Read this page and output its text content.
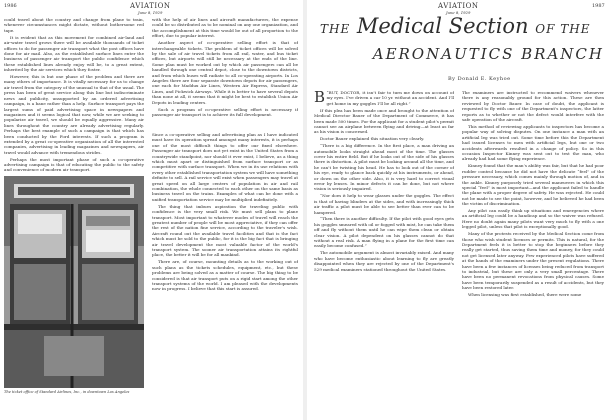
1986	AVIATION
June 8, 1929

could travel about the country and change from plane to train, whenever circumstances might dictate, without bothersome red tape.

It is evident that as this movement for combined air-land and air-water travel grows there will be available thousands of ticket offices to do for passenger air transport what the post offices have done for air mail. Also, as the established surface lines enter the business of passenger air transport the public confidence which these established lines already enjoy will be, to a great extent, inherited by the air services which they foster.

However, this is but one phase of the problem and there are many others of importance. It is vitally necessary for us to change air travel from the category of the unusual to that of the usual. The press has been of great service along this line but indiscriminate news and publicity, unsupported by an ordered advertising campaign, is a bane rather than a help. Surface transport pays the largest sums of paid advertising space in newspapers and magazines and it seems logical that now, while we are seeking to popularize air travel, we should be equally aggressive. Many air lines throughout the country are already advertising regularly. Perhaps the best example of such a campaign is that which has been conducted by the Ford interests. If such a program is extended by a great co-operative organization of all the interested companies, advertising in leading magazines and newspapers, air travel would advance with tremendous strides.

Perhaps the most important phase of such a co-operative advertising campaign is that of educating the public to the safety and convenience of modern air transport.

The ticket office of Standard Airlines, Inc., in downtown Los Angeles

with the help of air lines and aircraft manufacturers, the expense could be so distributed as to be nominal on any one organization, and the accomplishment at this time would be out of all proportion to the effort, due to popular interest.

Another aspect of co-operative selling effort is that of interchangeable tickets. The problem of ticket offices will be solved by the sale of air travel tickets from all rail, water, and bus ticket offices, but airports will still be necessary at the ends of the line. Some plan must be worked out by which air passengers can all be handled through one central depot, close to the downtown districts, and from which buses will radiate to all co-operating airports. In Los Angeles there are four separate downtown depots for air passengers, one each for Maddux Air Lines, Western Air Express, Standard Air Lines, and Pickwick Airways. While it is better to have several depots than none at all, it seems that it might be best to establish Union Air Depots in leading centers.

Such a program of co-operative selling effort is necessary if passenger air transport is to achieve its full development.

Since a co-operative selling and advertising plan as I have indicated must have its operation spread amongst many interests, it is perhaps one of the most difficult things to offer our fixed elsewhere. Passenger air transport does not yet exist in the United States from a countrywide standpoint, nor should it ever exist, I believe, as a thing which must apart or distinguished from surface transport or as competitive with surface transport. When we in its use relations with every other established transportation system we will have something definite to sell. A rail service will exist when passengers may travel at great speed on all large centers of population in air and rail combination, the whole connected to each other on the same basis as business travel on the trains. Examples of what can be done with a unified transportation service may be multiplied indefinitely.

The thing that imbues aspiration the traveling public with confidence is the very small risk. We must sell plans to plane transport. Most important to whatever modes of travel will reach the greatest number of people will be most appreciative, if they can offer the rest of the nation fine service, according to the traveler's wish. Aircraft round out the available travel facilities and that is the fact which must be sold to the public, for it is the big fact that is bringing air travel development the most valuable factor of the world's transport system. The sooner air transportation attains its rightful place, the better it will be for all mankind.

There are, of course, mounting details as to the working out of such plans as the tickets schedules, equipment, etc., but these problems are being solved as a matter of course. The big thing to be considered is that air transport puts on a rigid start among the other transport systems of the world. I am pleased with the developments now in progress. I believe that this start is assured.

AVIATION
June 8, 1929
1987
THE Medical Section OF THE
AERONAUTICS BRANCH
By Donald E. Keyhoe

B “BUT, DOCTOR, it isn’t fair to turn me down on account of my eyes. I’ve driven a car 10 yr. without an accident. And I’ll get home in my goggles I’ll be all right.”

If this plea has been made once and brought to the attention of Medical Director Bauer of the Department of Commerce, it has been made 500 times. For the applicant for a student pilot’s permit cannot see an airplane between flying and driving—at least as far as his vision is concerned.

Doctor Bauer explained this situation very clearly.

“There is a big difference. In the first place, a man driving an automobile looks straight ahead most of the time. The glasses cover his entire field. But if he looks out of the side of his glasses there is distortion. A pilot must be looking around all the time, and he can’t be twisting his head. He has to look out of the corner of his eye, ready to glance back quickly at his instruments, or ahead, or down on the other side. Also, it is very hard to correct visual error by lenses. In minor defects it can be done, but not where vision is seriously impaired.

“Nor does it help to wear glasses under the goggles. The effect is that of having blinders at the sides, and with increasingly thick air traffic a pilot must be able to see better than ever can to be hampered.

“Then there is another difficulty. If the pilot with good eyes gets his goggles smeared with oil or fogged with mist, he can take them off and fly without them until he can wipe them clean or obtain clear vision. A pilot dependent on his glasses cannot do that without a real risk. A man flying in a plane for the first time can easily become confused.”

The automobile argument is almost invariably raised. And many who have become enthusiastic about learning to fly are greatly disappointed when they are rejected by one of the Department’s 529 medical examiners stationed throughout the United States.

The examiners are instructed to recommend waivers whenever there is any reasonably ground for this action. These are then reviewed by Doctor Bauer. In case of doubt, the applicant is requested to fly with one of the Department’s inspectors, the latter reports as to whether or not the defect would interfere with the safe operation of the aircraft.

This method of reviewing applicants to inspectors has become a popular way of solving disputes. On one instance a man with an artificial leg was tried out. Some time before this the Department had issued licenses to men with artificial legs, but one or two accidents afterwards resulted in a change of policy. So in this occasion Inspector Kinney was sent out to test the man, who already had had some flying experience.

Kinney found that the man’s ability was fair, but that he had poor rudder control because he did not have the delicate “feel” of the pressure necessary, which comes mainly through motion of, and in the ankle. Kinney purposely tried several maneuvers in which this special “feel” is most important—and the applicant failed to handle the plane with a proper degree of safety. He was rejected. He could not be made to see the point, however, and he believed he had been the victim of discrimination.

Any pilot can easily think up situations and emergencies where an artificial leg could be a handicap and so the waiver was refused. Here no doubt again many pilots want very much to fly with a one legged pilot, unless that pilot is exceptionally good.

Many of the protests received by the Medical Section come from those who wish student licenses or permits. This is natural, for the Department feels it is better to stop the beginners before they really get started, thus saving them time and money, for they could not get licensed later anyway. Few experienced pilots have suffered at the hands of the examiners under the present regulations. There have been a few instances of licenses being reduced from transport to industrial, but these are only a very small percentage. There have been no permanent revocations from physical causes. Some have been temporarily suspended as a result of accidents, but they have been restored later.

When licensing was first established, there were some
